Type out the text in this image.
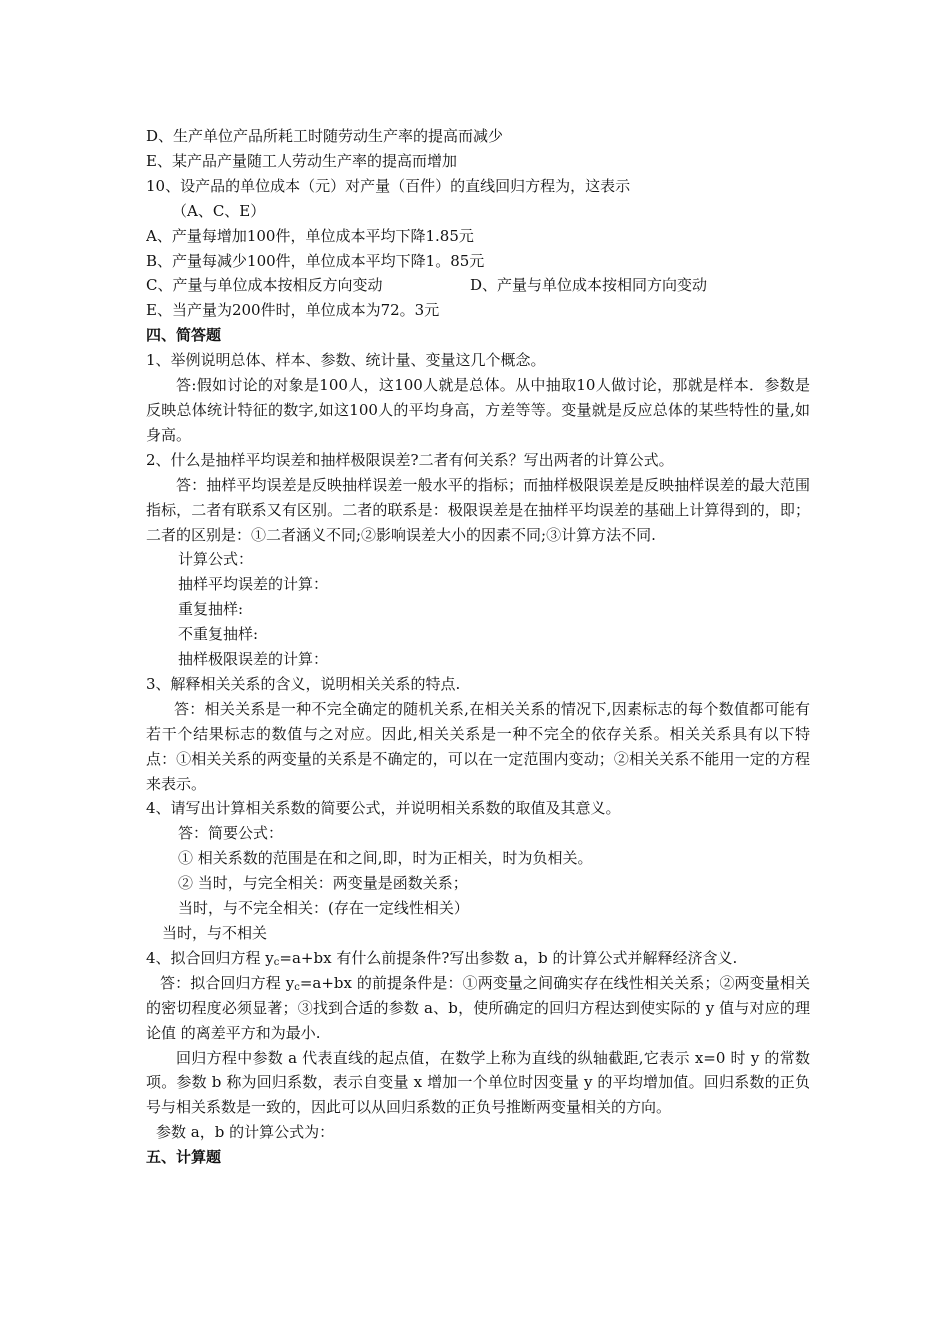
D、生产单位产品所耗工时随劳动生产率的提高而减少
E、某产品产量随工人劳动生产率的提高而增加
10、设产品的单位成本（元）对产量（百件）的直线回归方程为，这表示
（A、C、E）
A、产量每增加100件，单位成本平均下降1.85元
B、产量每减少100件，单位成本平均下降1。85元
C、产量与单位成本按相反方向变动	D、产量与单位成本按相同方向变动
E、当产量为200件时，单位成本为72。3元
四、简答题
1、举例说明总体、样本、参数、统计量、变量这几个概念。
答:假如讨论的对象是100人，这100人就是总体。从中抽取10人做讨论，那就是样本．参数是反映总体统计特征的数字,如这100人的平均身高，方差等等。变量就是反应总体的某些特性的量,如身高。
2、什么是抽样平均误差和抽样极限误差?二者有何关系？写出两者的计算公式。
答：抽样平均误差是反映抽样误差一般水平的指标；而抽样极限误差是反映抽样误差的最大范围指标，二者有联系又有区别。二者的联系是：极限误差是在抽样平均误差的基础上计算得到的，即；二者的区别是：①二者涵义不同;②影响误差大小的因素不同;③计算方法不同.
计算公式：
抽样平均误差的计算：
重复抽样:
不重复抽样:
抽样极限误差的计算：
3、解释相关关系的含义，说明相关关系的特点.
答：相关关系是一种不完全确定的随机关系,在相关关系的情况下,因素标志的每个数值都可能有若干个结果标志的数值与之对应。因此,相关关系是一种不完全的依存关系。相关关系具有以下特点：①相关关系的两变量的关系是不确定的，可以在一定范围内变动；②相关关系不能用一定的方程来表示。
4、请写出计算相关系数的简要公式，并说明相关系数的取值及其意义。
答：简要公式：
① 相关系数的范围是在和之间,即，时为正相关，时为负相关。
② 当时，与完全相关：两变量是函数关系；
当时，与不完全相关：(存在一定线性相关）
当时，与不相关
4、拟合回归方程 $y_c=a+bx$ 有什么前提条件?写出参数 a，b 的计算公式并解释经济含义.
答：拟合回归方程 $y_c=a+bx$ 的前提条件是：①两变量之间确实存在线性相关关系；②两变量相关的密切程度必须显著；③找到合适的参数 a、b，使所确定的回归方程达到使实际的 y 值与对应的理论值 的离差平方和为最小.
回归方程中参数 a 代表直线的起点值，在数学上称为直线的纵轴截距,它表示 x=0 时 y 的常数项。参数 b 称为回归系数，表示自变量 x 增加一个单位时因变量 y 的平均增加值。回归系数的正负号与相关系数是一致的，因此可以从回归系数的正负号推断两变量相关的方向。
参数 a，b 的计算公式为：
五、计算题
